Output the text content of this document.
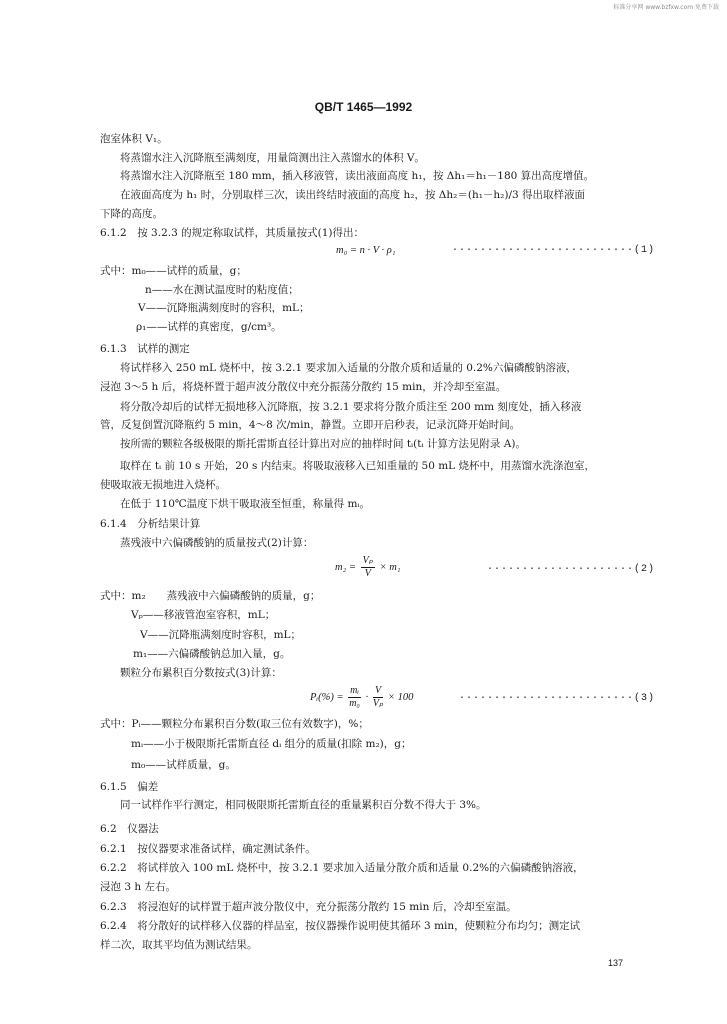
标准分享网 www.bzfxw.com 免费下载
QB/T 1465—1992
泡室体积 V₁。
将蒸馏水注入沉降瓶至满刻度，用量筒测出注入蒸馏水的体积 V。
将蒸馏水注入沉降瓶至 180 mm，插入移液管，读出液面高度 h₁，按 Δh₁＝h₁－180 算出高度增值。
在液面高度为 h₁ 时，分别取样三次，读出终结时液面的高度 h₂，按 Δh₂＝(h₁－h₂)/3 得出取样液面
下降的高度。
6.1.2　按 3.2.3 的规定称取试样，其质量按式(1)得出：
m₀ = n · V · ρ₁	··························(1)
式中：m₀——试样的质量，g；
n——水在测试温度时的粘度值；
V——沉降瓶满刻度时的容积，mL；
ρ₁——试样的真密度，g/cm³。
6.1.3　试样的测定
将试样移入 250 mL 烧杯中，按 3.2.1 要求加入适量的分散介质和适量的 0.2%六偏磷酸钠溶液，
浸泡 3～5 h 后，将烧杯置于超声波分散仪中充分振荡分散约 15 min，并冷却至室温。
将分散冷却后的试样无损地移入沉降瓶，按 3.2.1 要求将分散介质注至 200 mm 刻度处，插入移液
管，反复倒置沉降瓶约 5 min，4～8 次/min，静置。立即开启秒表，记录沉降开始时间。
按所需的颗粒各级极限的斯托雷斯直径计算出对应的抽样时间 tᵢ(tᵢ 计算方法见附录 A)。
取样在 tᵢ 前 10 s 开始，20 s 内结束。将吸取液移入已知重量的 50 mL 烧杯中，用蒸馏水洗涤泡室，
使吸取液无损地进入烧杯。
在低于 110℃温度下烘干吸取液至恒重，称量得 mᵢ。
6.1.4　分析结果计算
蒸残液中六偏磷酸钠的质量按式(2)计算：
$m_2 = \frac{\text{Vₚ}}{V} \times m_1$	·····················(2)
式中：m₂　　蒸残液中六偏磷酸钠的质量，g；
Vₚ——移液管泡室容积，mL；
V——沉降瓶满刻度时容积，mL；
m₁——六偏磷酸钠总加入量，g。
颗粒分布累积百分数按式(3)计算：
Pᵢ(%) = $\frac{\text{mᵢ}}{\text{m₀}} \cdot \frac{V}{\text{Vₚ}} \times 100$	·························(3)
式中：Pᵢ——颗粒分布累积百分数(取三位有效数字)，%；
mᵢ——小于极限斯托雷斯直径 dᵢ 组分的质量(扣除 m₂)，g；
m₀——试样质量，g。
6.1.5　偏差
同一试样作平行测定，相同极限斯托雷斯直径的重量累积百分数不得大于 3%。
6.2　仪器法
6.2.1　按仪器要求准备试样，确定测试条件。
6.2.2　将试样放入 100 mL 烧杯中，按 3.2.1 要求加入适量分散介质和适量 0.2%的六偏磷酸钠溶液，
浸泡 3 h 左右。
6.2.3　将浸泡好的试样置于超声波分散仪中，充分振荡分散约 15 min 后，冷却至室温。
6.2.4　将分散好的试样移入仪器的样品室，按仪器操作说明使其循环 3 min，使颗粒分布均匀；测定试
样二次，取其平均值为测试结果。
137
